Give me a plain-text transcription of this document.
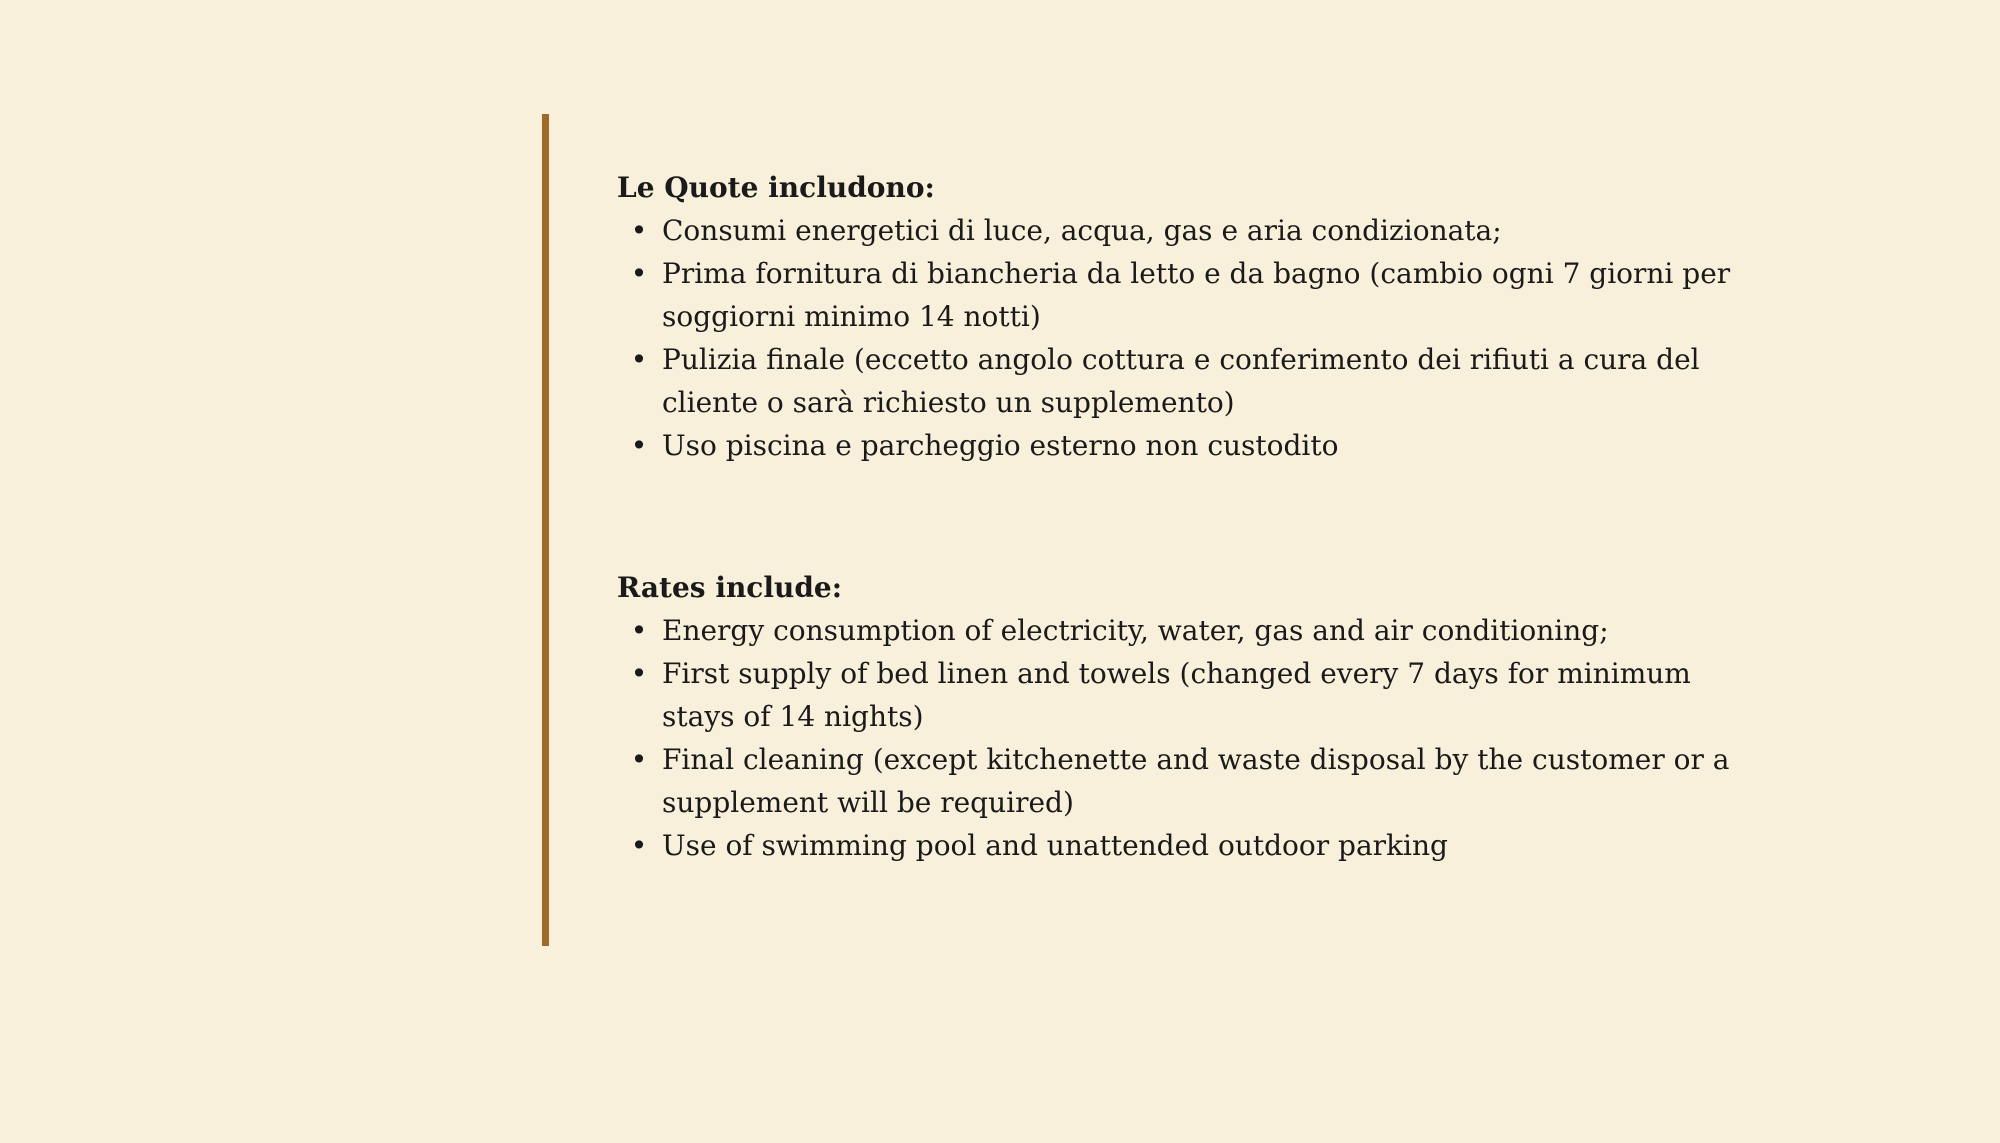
Le Quote includono:
• Consumi energetici di luce, acqua, gas e aria condizionata;
• Prima fornitura di biancheria da letto e da bagno (cambio ogni 7 giorni per soggiorni minimo 14 notti)
• Pulizia finale (eccetto angolo cottura e conferimento dei rifiuti a cura del cliente o sarà richiesto un supplemento)
• Uso piscina e parcheggio esterno non custodito
Rates include:
• Energy consumption of electricity, water, gas and air conditioning;
• First supply of bed linen and towels (changed every 7 days for minimum stays of 14 nights)
• Final cleaning (except kitchenette and waste disposal by the customer or a supplement will be required)
• Use of swimming pool and unattended outdoor parking
